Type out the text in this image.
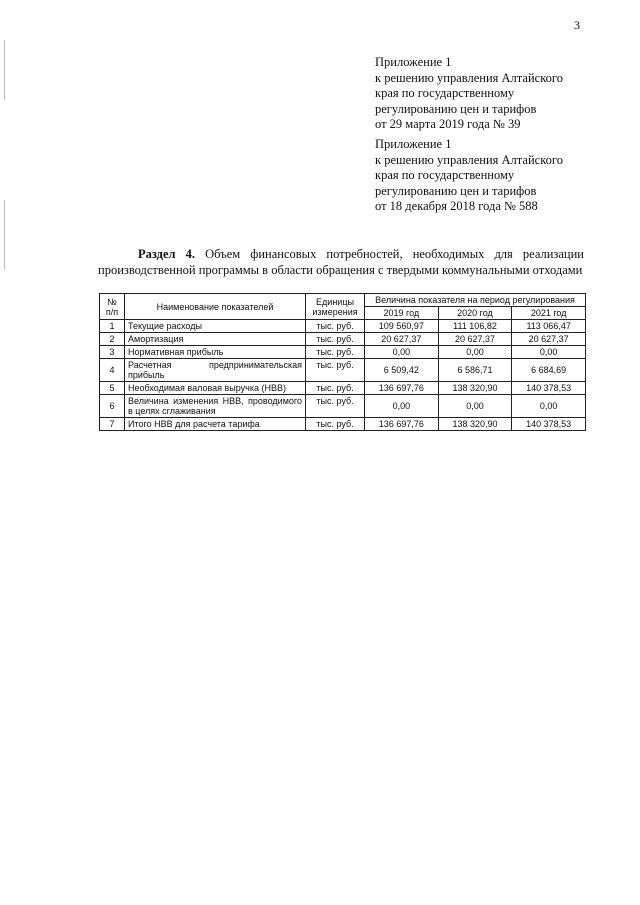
3
Приложение 1
к решению управления Алтайского
края по государственному
регулированию цен и тарифов
от 29 марта 2019 года № 39
Приложение 1
к решению управления Алтайского
края по государственному
регулированию цен и тарифов
от 18 декабря 2018 года № 588
Раздел 4. Объем финансовых потребностей, необходимых для реализации производственной программы в области обращения с твердыми коммунальными отходами
№ п/п	Наименование показателей	Единицы измерения	Величина показателя на период регулирования		
			2019 год	2020 год	2021 год
1	Текущие расходы	тыс. руб.	109 560,97	111 106,82	113 066,47
2	Амортизация	тыс. руб.	20 627,37	20 627,37	20 627,37
3	Нормативная прибыль	тыс. руб.	0,00	0,00	0,00
4	Расчетная предпринимательская прибыль	тыс. руб.	6 509,42	6 586,71	6 684,69
5	Необходимая валовая выручка (НВВ)	тыс. руб.	136 697,76	138 320,90	140 378,53
6	Величина изменения НВВ, проводимого в целях сглаживания	тыс. руб.	0,00	0,00	0,00
7	Итого НВВ для расчета тарифа	тыс. руб.	136 697,76	138 320,90	140 378,53
